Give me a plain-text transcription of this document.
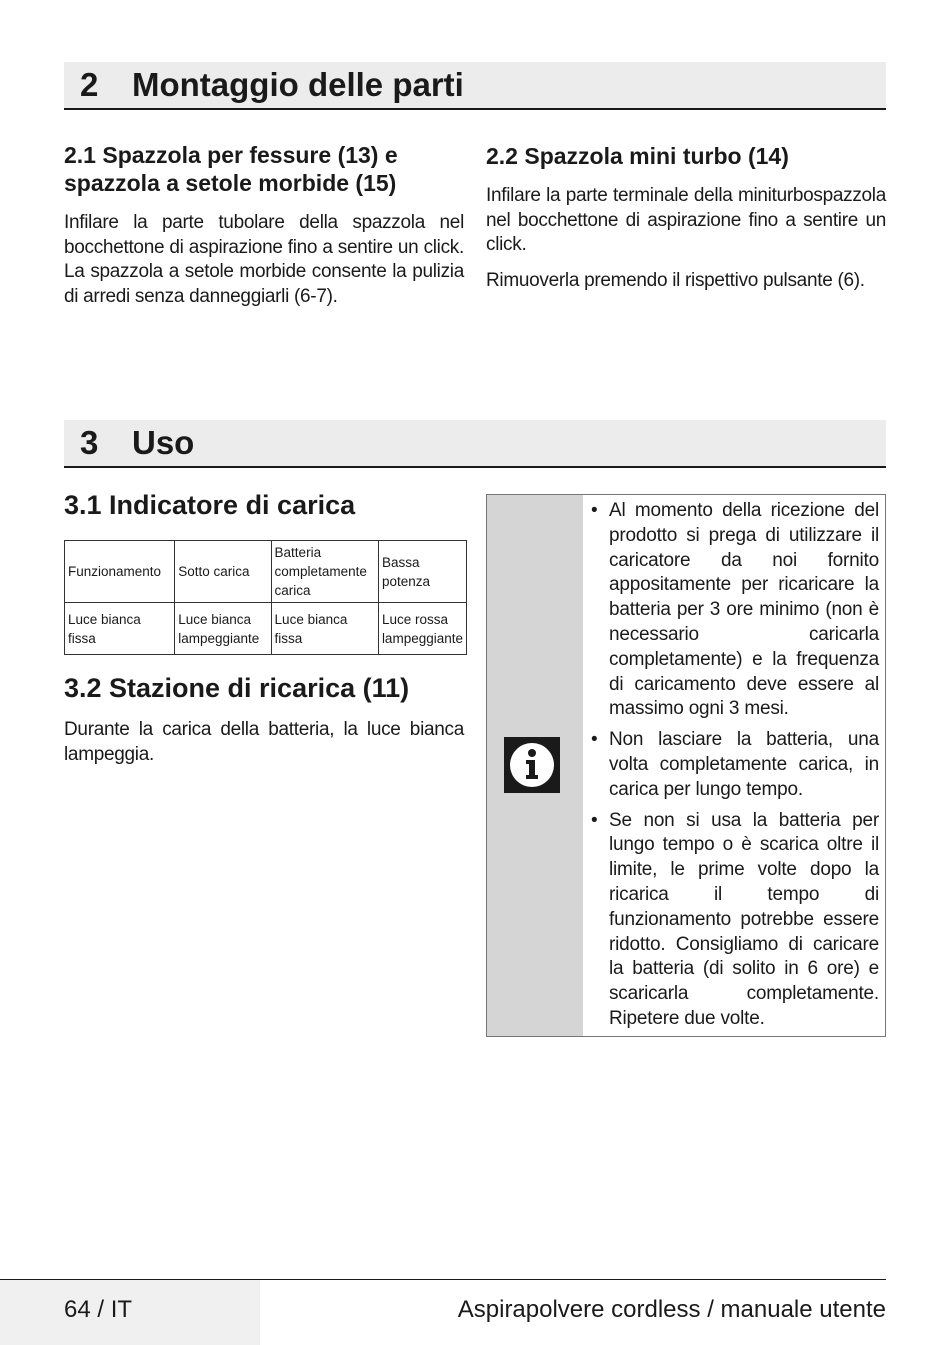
2 Montaggio delle parti
2.1 Spazzola per fessure (13) e spazzola a setole morbide (15)

Infilare la parte tubolare della spazzola nel bocchettone di aspirazione fino a sentire un click. La spazzola a setole morbide consente la pulizia di arredi senza danneggiarli (6-7).

2.2 Spazzola mini turbo (14)

Infilare la parte terminale della miniturbospazzola nel bocchettone di aspirazione fino a sentire un click.

Rimuoverla premendo il rispettivo pulsante (6).

3 Uso
3.1 Indicatore di carica
Funzionamento	Sotto carica	Batteria completamente carica	Bassa potenza
Luce bianca fissa	Luce bianca lampeggiante	Luce bianca fissa	Luce rossa lampeggiante
3.2 Stazione di ricarica (11)

Durante la carica della batteria, la luce bianca lampeggia.

• Al momento della ricezione del prodotto si prega di utilizzare il caricatore da noi fornito appositamente per ricaricare la batteria per 3 ore minimo (non è necessario caricarla completamente) e la frequenza di caricamento deve essere al massimo ogni 3 mesi.
• Non lasciare la batteria, una volta completamente carica, in carica per lungo tempo.
• Se non si usa la batteria per lungo tempo o è scarica oltre il limite, le prime volte dopo la ricarica il tempo di funzionamento potrebbe essere ridotto. Consigliamo di caricare la batteria (di solito in 6 ore) e scaricarla completamente. Ripetere due volte.
64 / IT	Aspirapolvere cordless / manuale utente
